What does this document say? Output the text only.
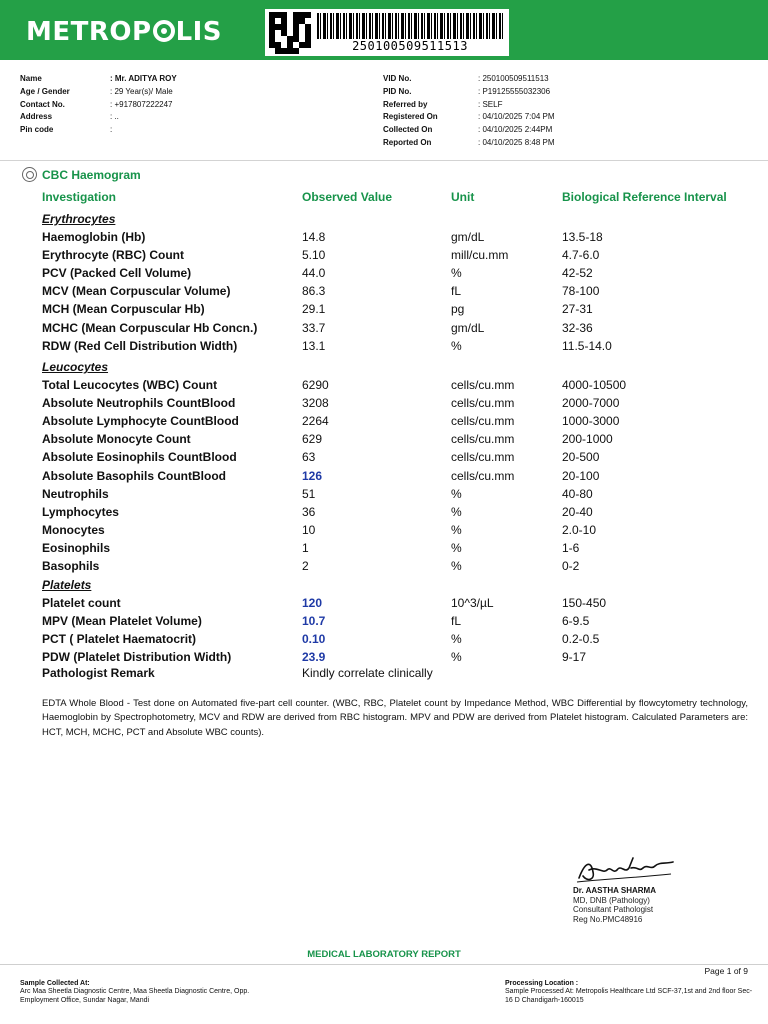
METROP LIS	250100509511513
Name	: Mr. ADITYA ROY
Age / Gender	: 29 Year(s)/ Male
Contact No.	: +917807222247
Address	: ..
Pin code	:
VID No.	: 250100509511513
PID No.	: P19125555032306
Referred by	: SELF
Registered On	: 04/10/2025 7:04 PM
Collected On	: 04/10/2025 2:44PM
Reported On	: 04/10/2025 8:48 PM
CBC Haemogram
Investigation	Observed Value	Unit	Biological Reference Interval
Erythrocytes
Haemoglobin (Hb)	14.8	gm/dL	13.5-18
Erythrocyte (RBC) Count	5.10	mill/cu.mm	4.7-6.0
PCV (Packed Cell Volume)	44.0	%	42-52
MCV (Mean Corpuscular Volume)	86.3	fL	78-100
MCH (Mean Corpuscular Hb)	29.1	pg	27-31
MCHC (Mean Corpuscular Hb Concn.)	33.7	gm/dL	32-36
RDW (Red Cell Distribution Width)	13.1	%	11.5-14.0
Leucocytes
Total Leucocytes (WBC) Count	6290	cells/cu.mm	4000-10500
Absolute Neutrophils CountBlood	3208	cells/cu.mm	2000-7000
Absolute Lymphocyte CountBlood	2264	cells/cu.mm	1000-3000
Absolute Monocyte Count	629	cells/cu.mm	200-1000
Absolute Eosinophils CountBlood	63	cells/cu.mm	20-500
Absolute Basophils CountBlood	126	cells/cu.mm	20-100
Neutrophils	51	%	40-80
Lymphocytes	36	%	20-40
Monocytes	10	%	2.0-10
Eosinophils	1	%	1-6
Basophils	2	%	0-2
Platelets
Platelet count	120	10^3/µL	150-450
MPV (Mean Platelet Volume)	10.7	fL	6-9.5
PCT ( Platelet Haematocrit)	0.10	%	0.2-0.5
PDW (Platelet Distribution Width)	23.9	%	9-17
Pathologist Remark	Kindly correlate clinically
EDTA Whole Blood - Test done on Automated five-part cell counter. (WBC, RBC, Platelet count by Impedance Method, WBC Differential by flowcytometry technology, Haemoglobin by Spectrophotometry, MCV and RDW are derived from RBC histogram. MPV and PDW are derived from Platelet histogram. Calculated Parameters are: HCT, MCH, MCHC, PCT and Absolute WBC counts).
Dr. AASTHA SHARMA
MD, DNB (Pathology)
Consultant Pathologist
Reg No.PMC48916
MEDICAL LABORATORY REPORT
Page 1 of 9
Sample Collected At:
Arc Maa Sheetla Diagnostic Centre, Maa Sheetla Diagnostic Centre, Opp. Employment Office, Sundar Nagar, Mandi
Processing Location :
Sample Processed At: Metropolis Healthcare Ltd SCF-37,1st and 2nd floor Sec-16 D Chandigarh-160015
